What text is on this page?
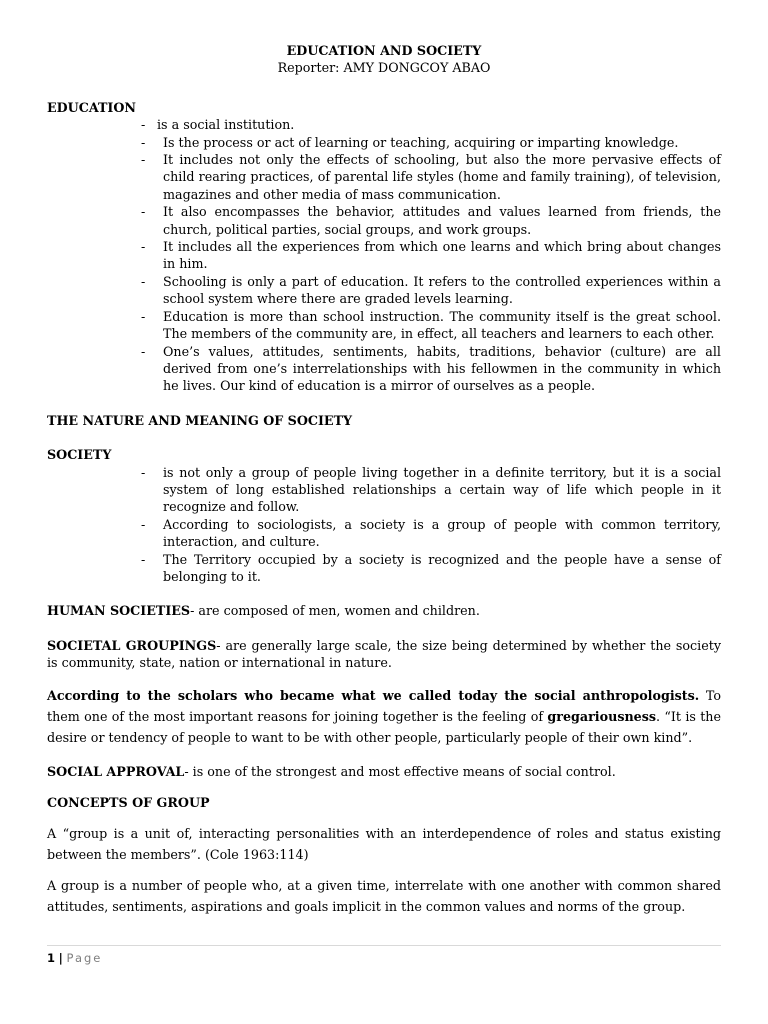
EDUCATION AND SOCIETY
Reporter: AMY DONGCOY ABAO
EDUCATION
- is a social institution.
- Is the process or act of learning or teaching, acquiring or imparting knowledge.
- It includes not only the effects of schooling, but also the more pervasive effects of child rearing practices, of parental life styles (home and family training), of television, magazines and other media of mass communication.
- It also encompasses the behavior, attitudes and values learned from friends, the church, political parties, social groups, and work groups.
- It includes all the experiences from which one learns and which bring about changes in him.
- Schooling is only a part of education. It refers to the controlled experiences within a school system where there are graded levels learning.
- Education is more than school instruction. The community itself is the great school. The members of the community are, in effect, all teachers and learners to each other.
- One’s values, attitudes, sentiments, habits, traditions, behavior (culture) are all derived from one’s interrelationships with his fellowmen in the community in which he lives. Our kind of education is a mirror of ourselves as a people.
THE NATURE AND MEANING OF SOCIETY
SOCIETY
- is not only a group of people living together in a definite territory, but it is a social system of long established relationships a certain way of life which people in it recognize and follow.
- According to sociologists, a society is a group of people with common territory, interaction, and culture.
- The Territory occupied by a society is recognized and the people have a sense of belonging to it.

HUMAN SOCIETIES- are composed of men, women and children.

SOCIETAL GROUPINGS- are generally large scale, the size being determined by whether the society is community, state, nation or international in nature.

According to the scholars who became what we called today the social anthropologists. To them one of the most important reasons for joining together is the feeling of gregariousness. “It is the desire or tendency of people to want to be with other people, particularly people of their own kind”.

SOCIAL APPROVAL- is one of the strongest and most effective means of social control.

CONCEPTS OF GROUP

A “group is a unit of, interacting personalities with an interdependence of roles and status existing between the members”. (Cole 1963:114)

A group is a number of people who, at a given time, interrelate with one another with common shared attitudes, sentiments, aspirations and goals implicit in the common values and norms of the group.

1 | Page
